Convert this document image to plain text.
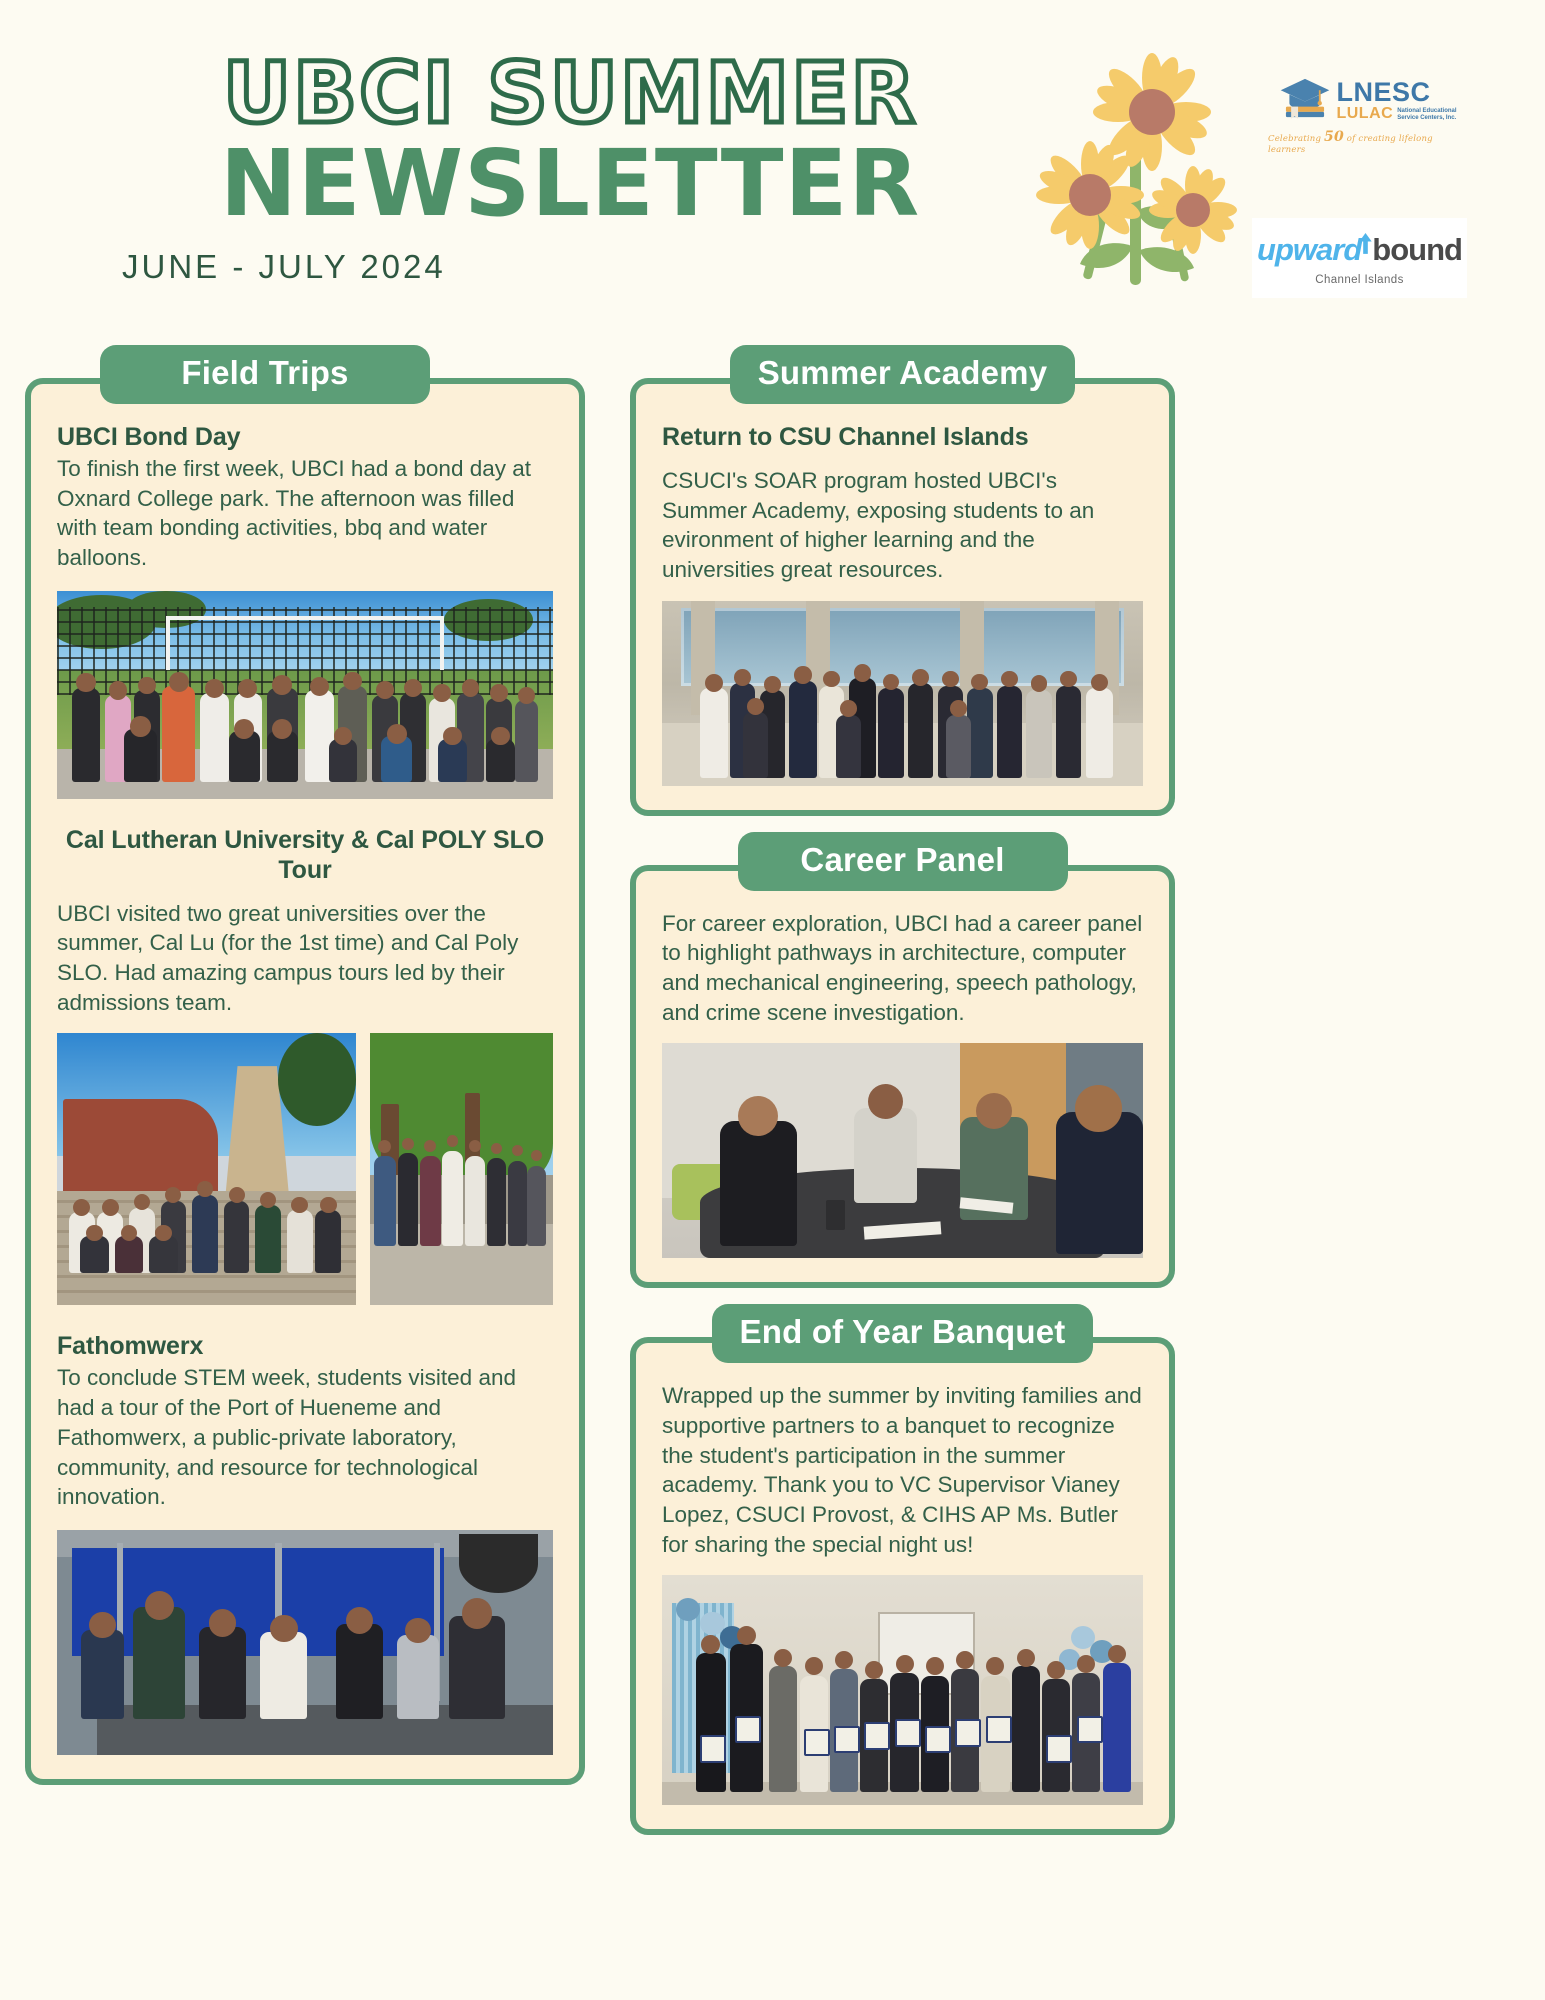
UBCI SUMMER
NEWSLETTER
JUNE - JULY 2024
LNESC
LULAC National Educational
Service Centers, Inc.
Celebrating 50 of creating lifelong learners
upward bound
Channel Islands
Field Trips
UBCI Bond Day
To finish the first week, UBCI had a bond day at Oxnard College park. The afternoon was filled with team bonding activities, bbq and water balloons.
Cal Lutheran University & Cal POLY SLO Tour
UBCI visited two great universities over the summer, Cal Lu (for the 1st time) and Cal Poly SLO. Had amazing campus tours led by their admissions team.
Fathomwerx
To conclude STEM week, students visited and had a tour of the Port of Hueneme and Fathomwerx, a public-private laboratory, community, and resource for technological innovation.
Summer Academy
Return to CSU Channel Islands
CSUCI's SOAR program hosted UBCI's Summer Academy, exposing students to an evironment of higher learning and the universities great resources.
Career Panel
For career exploration, UBCI had a career panel to highlight pathways in architecture, computer and mechanical engineering, speech pathology, and crime scene investigation.
End of Year Banquet
Wrapped up the summer by inviting families and supportive partners to a banquet to recognize the student's participation in the summer academy. Thank you to VC Supervisor Vianey Lopez, CSUCI Provost, & CIHS AP Ms. Butler for sharing the special night us!
